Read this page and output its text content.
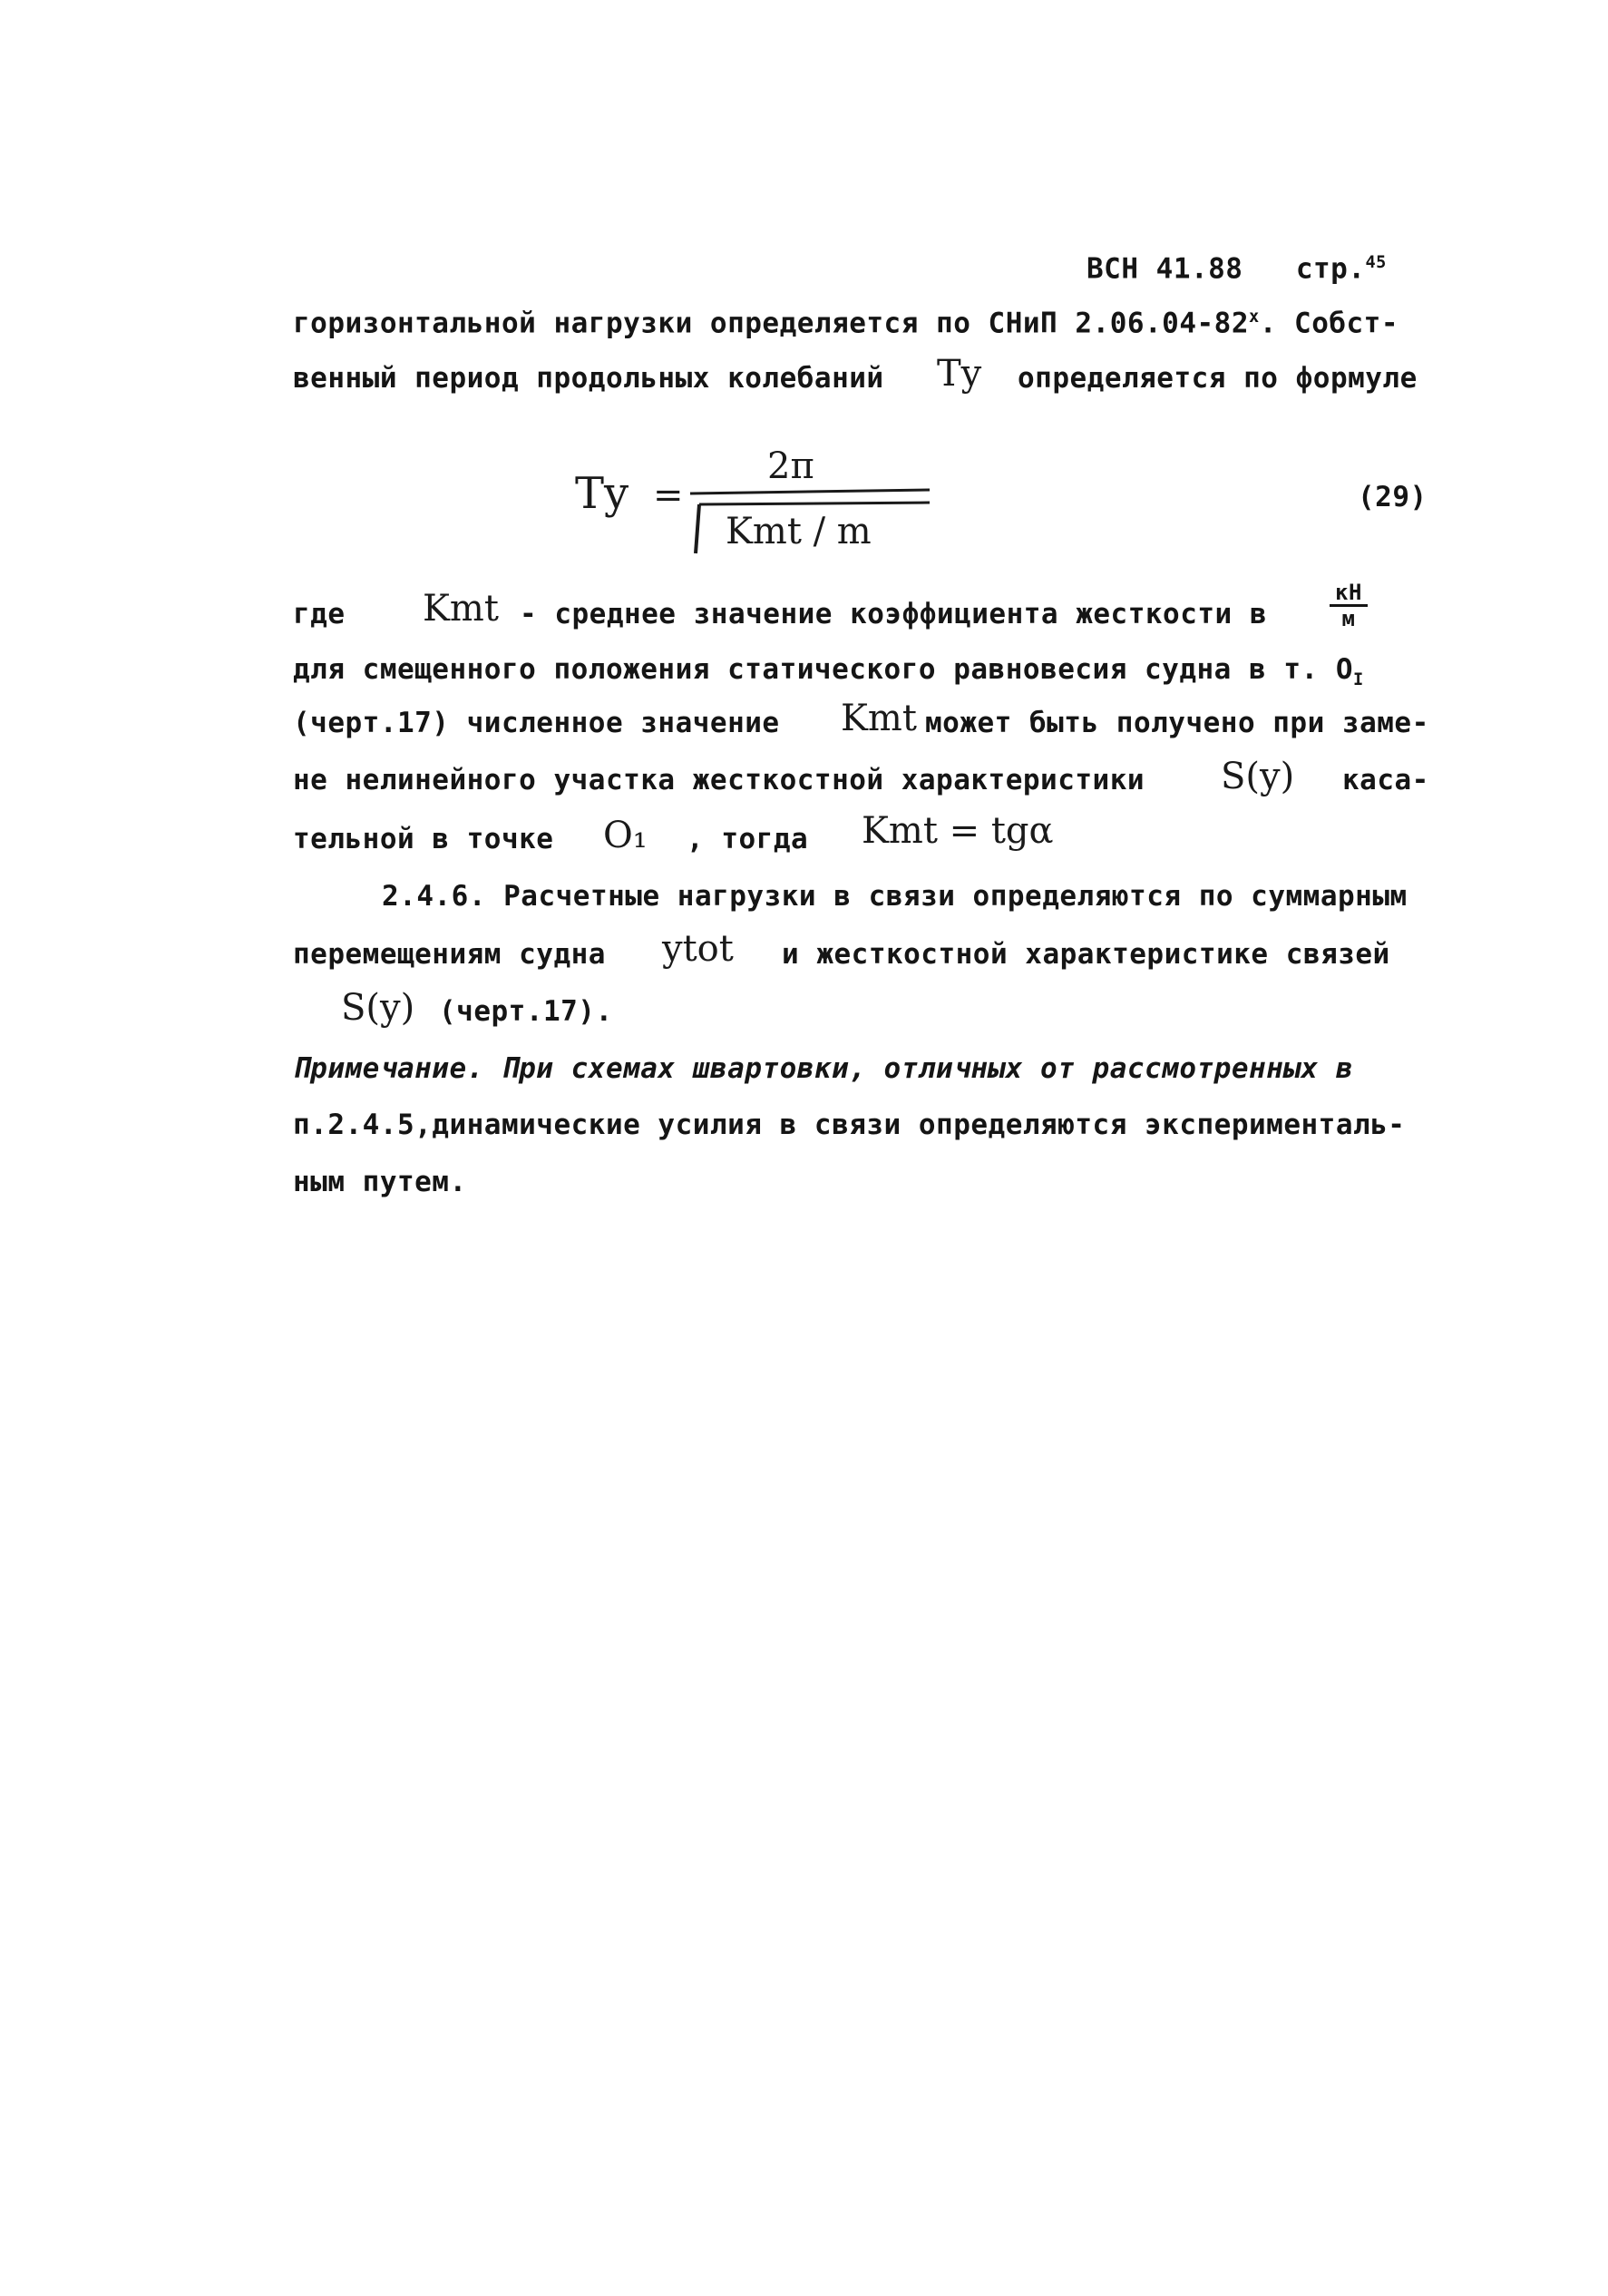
ВСН 41.88 стр.$^{45}$
горизонтальной нагрузки определяется по СНиП $2.06.04-82^х$. Собст-
венный период продольных колебаний Ty определяется по формуле
Ty =
2π
Kmt / m
(29)
где Kmt - среднее значение коэффициента жесткости в
кН
м
для смещенного положения статического равновесия судна в т. $O_I$
(черт.17) численное значение Kmt может быть получено при заме-
не нелинейного участка жесткостной характеристики S(y) каса-
тельной в точке O₁ , тогда Kmt = tgα
2.4.6. Расчетные нагрузки в связи определяются по суммарным
перемещениям судна ytot и жесткостной характеристике связей
S(y) (черт.17).
Примечание. При схемах швартовки, отличных от рассмотренных в
п.2.4.5,динамические усилия в связи определяются эксперименталь-
ным путем.
